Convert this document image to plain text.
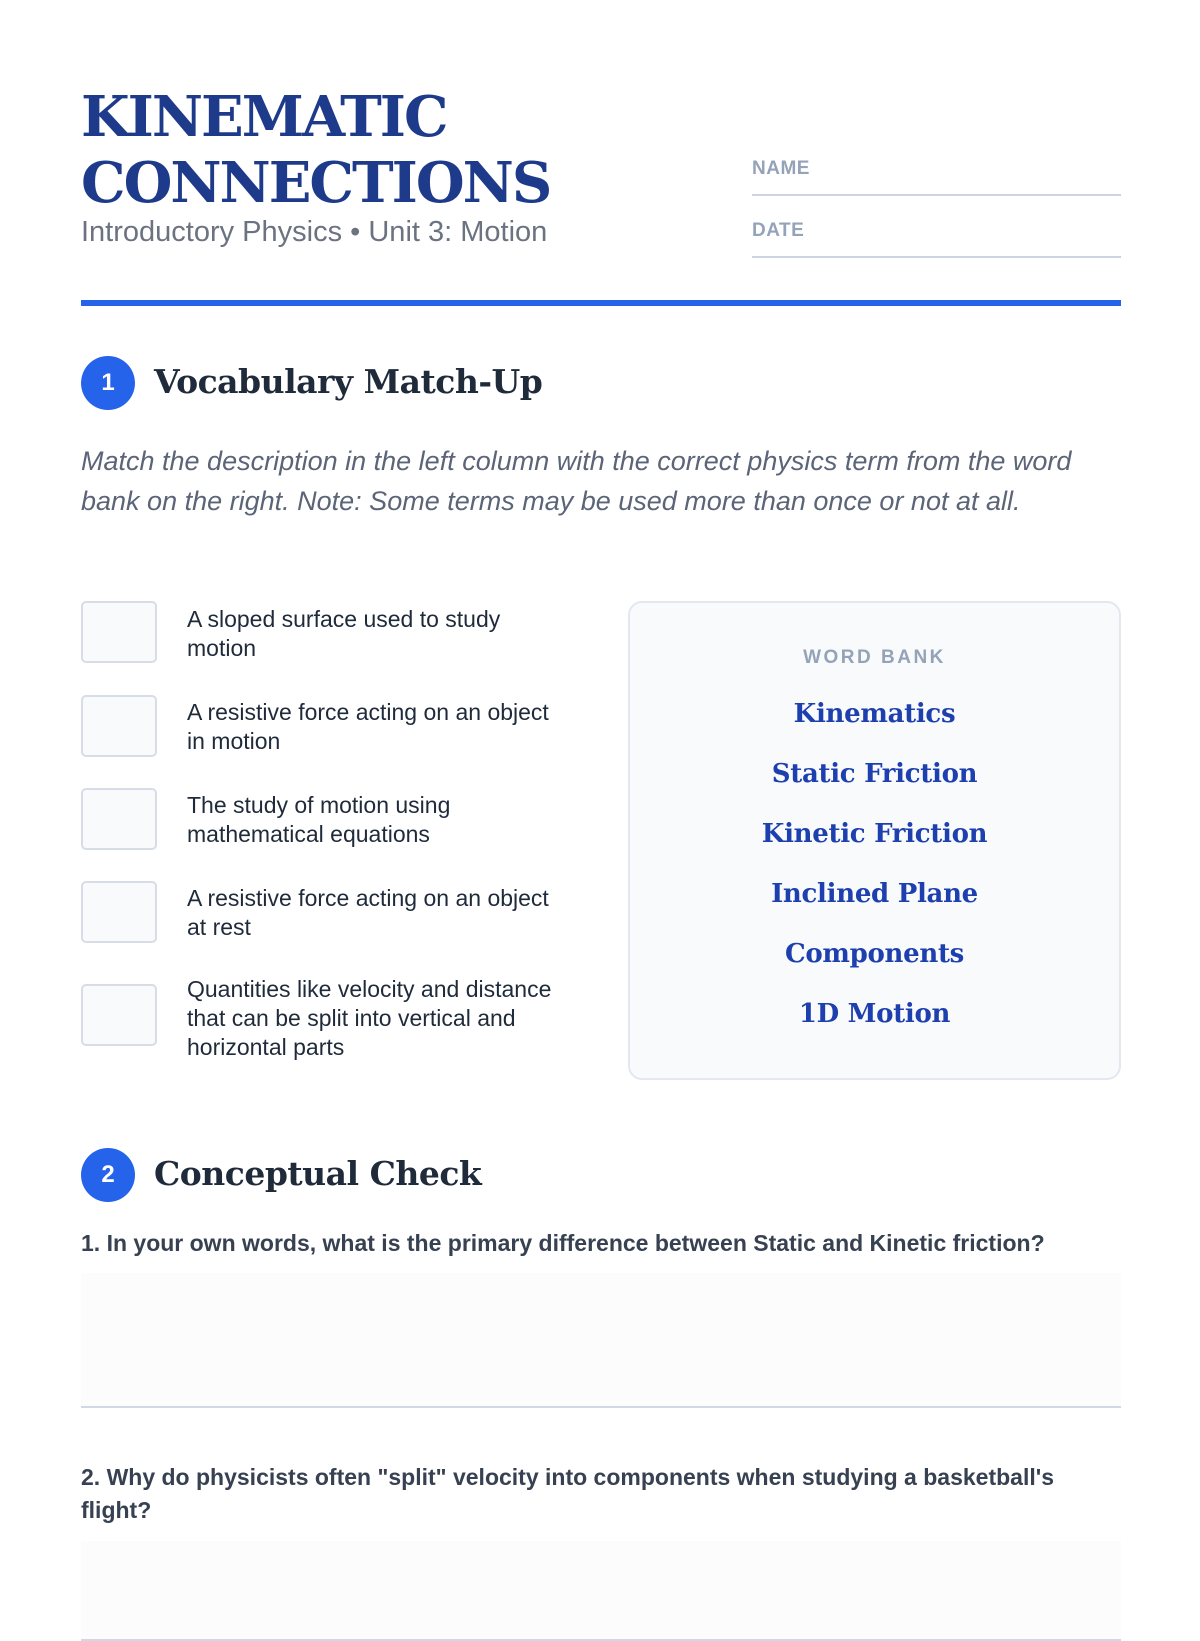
KINEMATIC
CONNECTIONS
Introductory Physics • Unit 3: Motion
NAME
DATE
1	Vocabulary Match-Up

Match the description in the left column with the correct physics term from the word bank on the right. Note: Some terms may be used more than once or not at all.

A sloped surface used to study motion
A resistive force acting on an object in motion
The study of motion using mathematical equations
A resistive force acting on an object at rest
Quantities like velocity and distance that can be split into vertical and horizontal parts
WORD BANK
Kinematics
Static Friction
Kinetic Friction
Inclined Plane
Components
1D Motion
2	Conceptual Check

1. In your own words, what is the primary difference between Static and Kinetic friction?

2. Why do physicists often "split" velocity into components when studying a basketball's flight?
